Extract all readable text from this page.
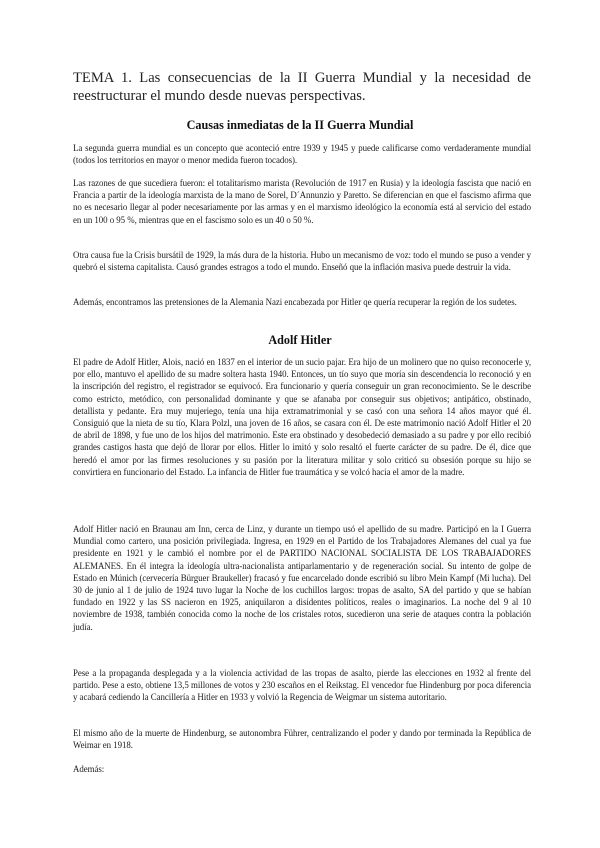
TEMA 1. Las consecuencias de la II Guerra Mundial y la necesidad de reestructurar el mundo desde nuevas perspectivas.
Causas inmediatas de la II Guerra Mundial

La segunda guerra mundial es un concepto que aconteció entre 1939 y 1945 y puede calificarse como verdaderamente mundial (todos los territorios en mayor o menor medida fueron tocados).

Las razones de que sucediera fueron: el totalitarismo marista (Revolución de 1917 en Rusia) y la ideología fascista que nació en Francia a partir de la ideología marxista de la mano de Sorel, D´Annunzio y Paretto. Se diferencian en que el fascismo afirma que no es necesario llegar al poder necesariamente por las armas y en el marxismo ideológico la economía está al servicio del estado en un 100 o 95 %, mientras que en el fascismo solo es un 40 o 50 %.

Otra causa fue la Crisis bursátil de 1929, la más dura de la historia. Hubo un mecanismo de voz: todo el mundo se puso a vender y quebró el sistema capitalista. Causó grandes estragos a todo el mundo. Enseñó que la inflación masiva puede destruir la vida.

Además, encontramos las pretensiones de la Alemania Nazi encabezada por Hitler qe quería recuperar la región de los sudetes.

Adolf Hitler

El padre de Adolf Hitler, Alois, nació en 1837 en el interior de un sucio pajar. Era hijo de un molinero que no quiso reconocerle y, por ello, mantuvo el apellido de su madre soltera hasta 1940. Entonces, un tío suyo que moría sin descendencia lo reconoció y en la inscripción del registro, el registrador se equivocó. Era funcionario y quería conseguir un gran reconocimiento. Se le describe como estricto, metódico, con personalidad dominante y que se afanaba por conseguir sus objetivos; antipático, obstinado, detallista y pedante. Era muy mujeriego, tenía una hija extramatrimonial y se casó con una señora 14 años mayor qué él. Consiguió que la nieta de su tío, Klara Polzl, una joven de 16 años, se casara con él. De este matrimonio nació Adolf Hitler el 20 de abril de 1898, y fue uno de los hijos del matrimonio. Este era obstinado y desobedeció demasiado a su padre y por ello recibió grandes castigos hasta que dejó de llorar por ellos. Hitler lo imitó y solo resaltó el fuerte carácter de su padre. De él, dice que heredó el amor por las firmes resoluciones y su pasión por la literatura militar y solo criticó su obsesión porque su hijo se convirtiera en funcionario del Estado. La infancia de Hitler fue traumática y se volcó hacia el amor de la madre.

Adolf Hitler nació en Braunau am Inn, cerca de Linz, y durante un tiempo usó el apellido de su madre. Participó en la I Guerra Mundial como cartero, una posición privilegiada. Ingresa, en 1929 en el Partido de los Trabajadores Alemanes del cual ya fue presidente en 1921 y le cambió el nombre por el de PARTIDO NACIONAL SOCIALISTA DE LOS TRABAJADORES ALEMANES. En él integra la ideología ultra-nacionalista antiparlamentario y de regeneración social. Su intento de golpe de Estado en Múnich (cervecería Bürguer Braukeller) fracasó y fue encarcelado donde escribió su libro Mein Kampf (Mi lucha). Del 30 de junio al 1 de julio de 1924 tuvo lugar la Noche de los cuchillos largos: tropas de asalto, SA del partido y que se habían fundado en 1922 y las SS nacieron en 1925, aniquilaron a disidentes políticos, reales o imaginarios. La noche del 9 al 10 noviembre de 1938, también conocida como la noche de los cristales rotos, sucedieron una serie de ataques contra la población judía.

Pese a la propaganda desplegada y a la violencia actividad de las tropas de asalto, pierde las elecciones en 1932 al frente del partido. Pese a esto, obtiene 13,5 millones de votos y 230 escaños en el Reikstag. El vencedor fue Hindenburg por poca diferencia y acabará cediendo la Cancillería a Hitler en 1933 y volvió la Regencia de Weigmar un sistema autoritario.

El mismo año de la muerte de Hindenburg, se autonombra Führer, centralizando el poder y dando por terminada la República de Weimar en 1918.

Además:
